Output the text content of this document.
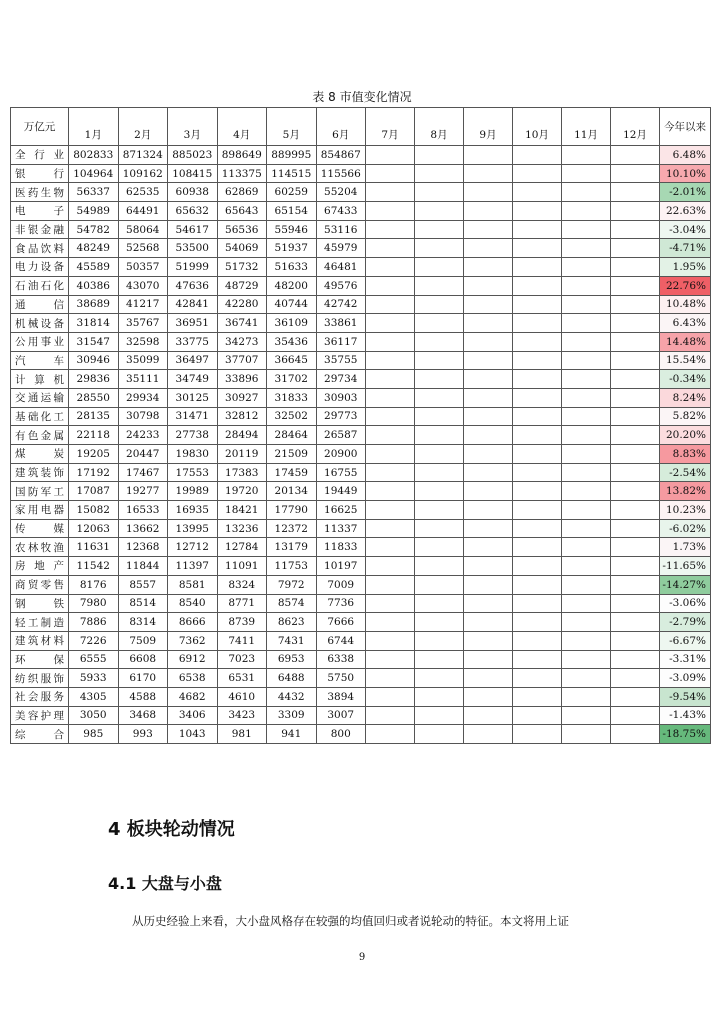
表 8 市值变化情况
万亿元	1月	2月	3月	4月	5月	6月	7月	8月	9月	10月	11月	12月	今年以来
全行业	802833	871324	885023	898649	889995	854867							6.48%
银行	104964	109162	108415	113375	114515	115566							10.10%
医药生物	56337	62535	60938	62869	60259	55204							-2.01%
电子	54989	64491	65632	65643	65154	67433							22.63%
非银金融	54782	58064	54617	56536	55946	53116							-3.04%
食品饮料	48249	52568	53500	54069	51937	45979							-4.71%
电力设备	45589	50357	51999	51732	51633	46481							1.95%
石油石化	40386	43070	47636	48729	48200	49576							22.76%
通信	38689	41217	42841	42280	40744	42742							10.48%
机械设备	31814	35767	36951	36741	36109	33861							6.43%
公用事业	31547	32598	33775	34273	35436	36117							14.48%
汽车	30946	35099	36497	37707	36645	35755							15.54%
计算机	29836	35111	34749	33896	31702	29734							-0.34%
交通运输	28550	29934	30125	30927	31833	30903							8.24%
基础化工	28135	30798	31471	32812	32502	29773							5.82%
有色金属	22118	24233	27738	28494	28464	26587							20.20%
煤炭	19205	20447	19830	20119	21509	20900							8.83%
建筑装饰	17192	17467	17553	17383	17459	16755							-2.54%
国防军工	17087	19277	19989	19720	20134	19449							13.82%
家用电器	15082	16533	16935	18421	17790	16625							10.23%
传媒	12063	13662	13995	13236	12372	11337							-6.02%
农林牧渔	11631	12368	12712	12784	13179	11833							1.73%
房地产	11542	11844	11397	11091	11753	10197							-11.65%
商贸零售	8176	8557	8581	8324	7972	7009							-14.27%
钢铁	7980	8514	8540	8771	8574	7736							-3.06%
轻工制造	7886	8314	8666	8739	8623	7666							-2.79%
建筑材料	7226	7509	7362	7411	7431	6744							-6.67%
环保	6555	6608	6912	7023	6953	6338							-3.31%
纺织服饰	5933	6170	6538	6531	6488	5750							-3.09%
社会服务	4305	4588	4682	4610	4432	3894							-9.54%
美容护理	3050	3468	3406	3423	3309	3007							-1.43%
综合	985	993	1043	981	941	800							-18.75%
4 板块轮动情况
4.1 大盘与小盘
从历史经验上来看，大小盘风格存在较强的均值回归或者说轮动的特征。本文将用上证
9
